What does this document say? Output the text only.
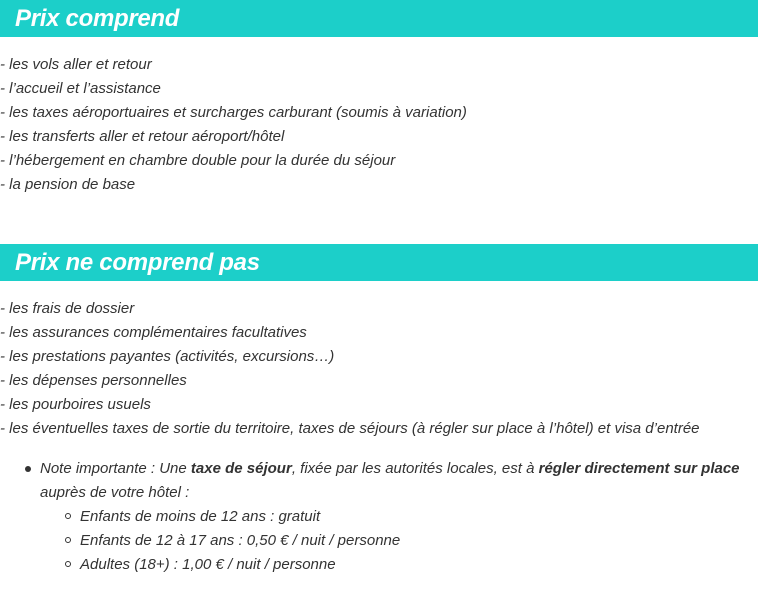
Prix comprend
- les vols aller et retour
- l’accueil et l’assistance
- les taxes aéroportuaires et surcharges carburant (soumis à variation)
- les transferts aller et retour aéroport/hôtel
- l’hébergement en chambre double pour la durée du séjour
- la pension de base
Prix ne comprend pas
- les frais de dossier
- les assurances complémentaires facultatives
- les prestations payantes (activités, excursions…)
- les dépenses personnelles
- les pourboires usuels
- les éventuelles taxes de sortie du territoire, taxes de séjours (à régler sur place à l’hôtel) et visa d’entrée
Note importante : Une taxe de séjour, fixée par les autorités locales, est à régler directement sur place auprès de votre hôtel :
Enfants de moins de 12 ans : gratuit
Enfants de 12 à 17 ans : 0,50 € / nuit / personne
Adultes (18+) : 1,00 € / nuit / personne
